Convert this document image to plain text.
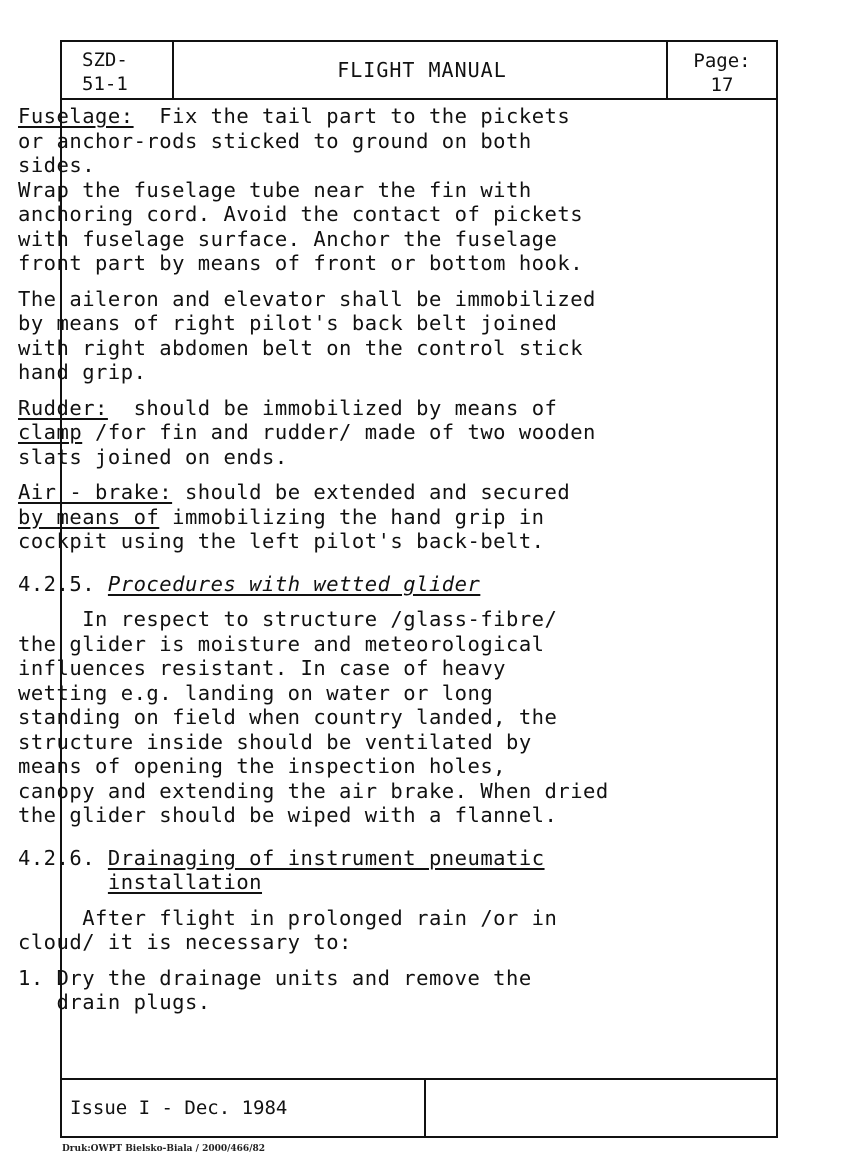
SZD-
51-1
FLIGHT MANUAL	Page:
17
Issue I - Dec. 1984

Fuselage:  Fix the tail part to the pickets

or anchor-rods sticked to ground on both

sides.

Wrap the fuselage tube near the fin with

anchoring cord. Avoid the contact of pickets

with fuselage surface. Anchor the fuselage

front part by means of front or bottom hook.

The aileron and elevator shall be immobilized

by means of right pilot's back belt joined

with right abdomen belt on the control stick

hand grip.

Rudder:  should be immobilized by means of

clamp /for fin and rudder/ made of two wooden

slats joined on ends.

Air - brake: should be extended and secured

by means of immobilizing the hand grip in

cockpit using the left pilot's back-belt.

4.2.5. Procedures with wetted glider

In respect to structure /glass-fibre/

the glider is moisture and meteorological

influences resistant. In case of heavy

wetting e.g. landing on water or long

standing on field when country landed, the

structure inside should be ventilated by

means of opening the inspection holes,

canopy and extending the air brake. When dried

the glider should be wiped with a flannel.

4.2.6. Drainaging of instrument pneumatic

installation

After flight in prolonged rain /or in

cloud/ it is necessary to:

1. Dry the drainage units and remove the

drain plugs.

Druk:OWPT Bielsko-Biala / 2000/466/82
